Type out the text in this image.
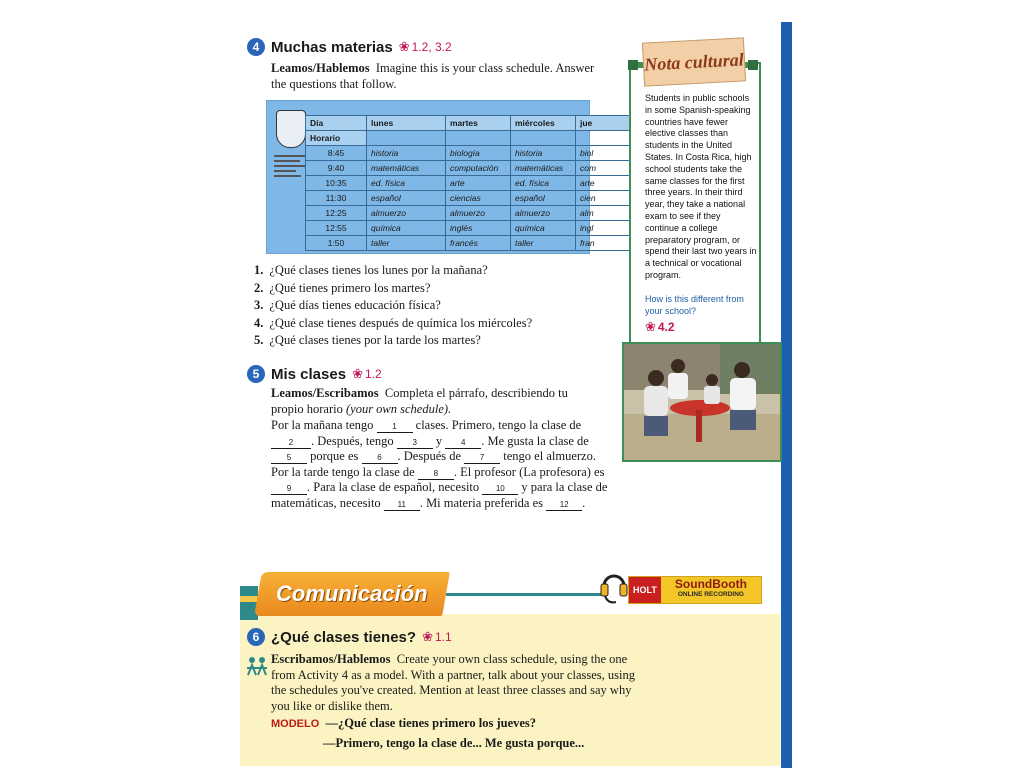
4 Muchas materias ❀ 1.2, 3.2
Leamos/Hablemos Imagine this is your class schedule. Answer the questions that follow.
Día	lunes	martes	miércoles	jue
Horario				
8:45	historia	biología	historia	biol
9:40	matemáticas	computación	matemáticas	com
10:35	ed. física	arte	ed. física	arte
11:30	español	ciencias	español	cien
12:25	almuerzo	almuerzo	almuerzo	alm
12:55	química	inglés	química	ingl
1:50	taller	francés	taller	fran
1. ¿Qué clases tienes los lunes por la mañana?
2. ¿Qué tienes primero los martes?
3. ¿Qué días tienes educación física?
4. ¿Qué clase tienes después de química los miércoles?
5. ¿Qué clases tienes por la tarde los martes?
5 Mis clases ❀ 1.2
Leamos/Escribamos Completa el párrafo, describiendo tu propio horario (your own schedule).
Por la mañana tengo 1 clases. Primero, tengo la clase de 2 . Después, tengo 3 y 4 . Me gusta la clase de 5 porque es 6 . Después de 7 tengo el almuerzo. Por la tarde tengo la clase de 8 . El profesor (La profesora) es 9 . Para la clase de español, necesito 10 y para la clase de matemáticas, necesito 11 . Mi materia preferida es 12 .
Nota cultural
Students in public schools in some Spanish-speaking countries have fewer elective classes than students in the United States. In Costa Rica, high school students take the same classes for the first three years. In their third year, they take a national exam to see if they continue a college preparatory program, or spend their last two years in a technical or vocational program.
How is this different from your school?
❀ 4.2
Comunicación	HOLT	SoundBooth
ONLINE RECORDING
6 ¿Qué clases tienes? ❀ 1.1
Escribamos/Hablemos Create your own class schedule, using the one from Activity 4 as a model. With a partner, talk about your classes, using the schedules you've created. Mention at least three classes and say why you like or dislike them.
MODELO —¿Qué clase tienes primero los jueves?
—Primero, tengo la clase de... Me gusta porque...
